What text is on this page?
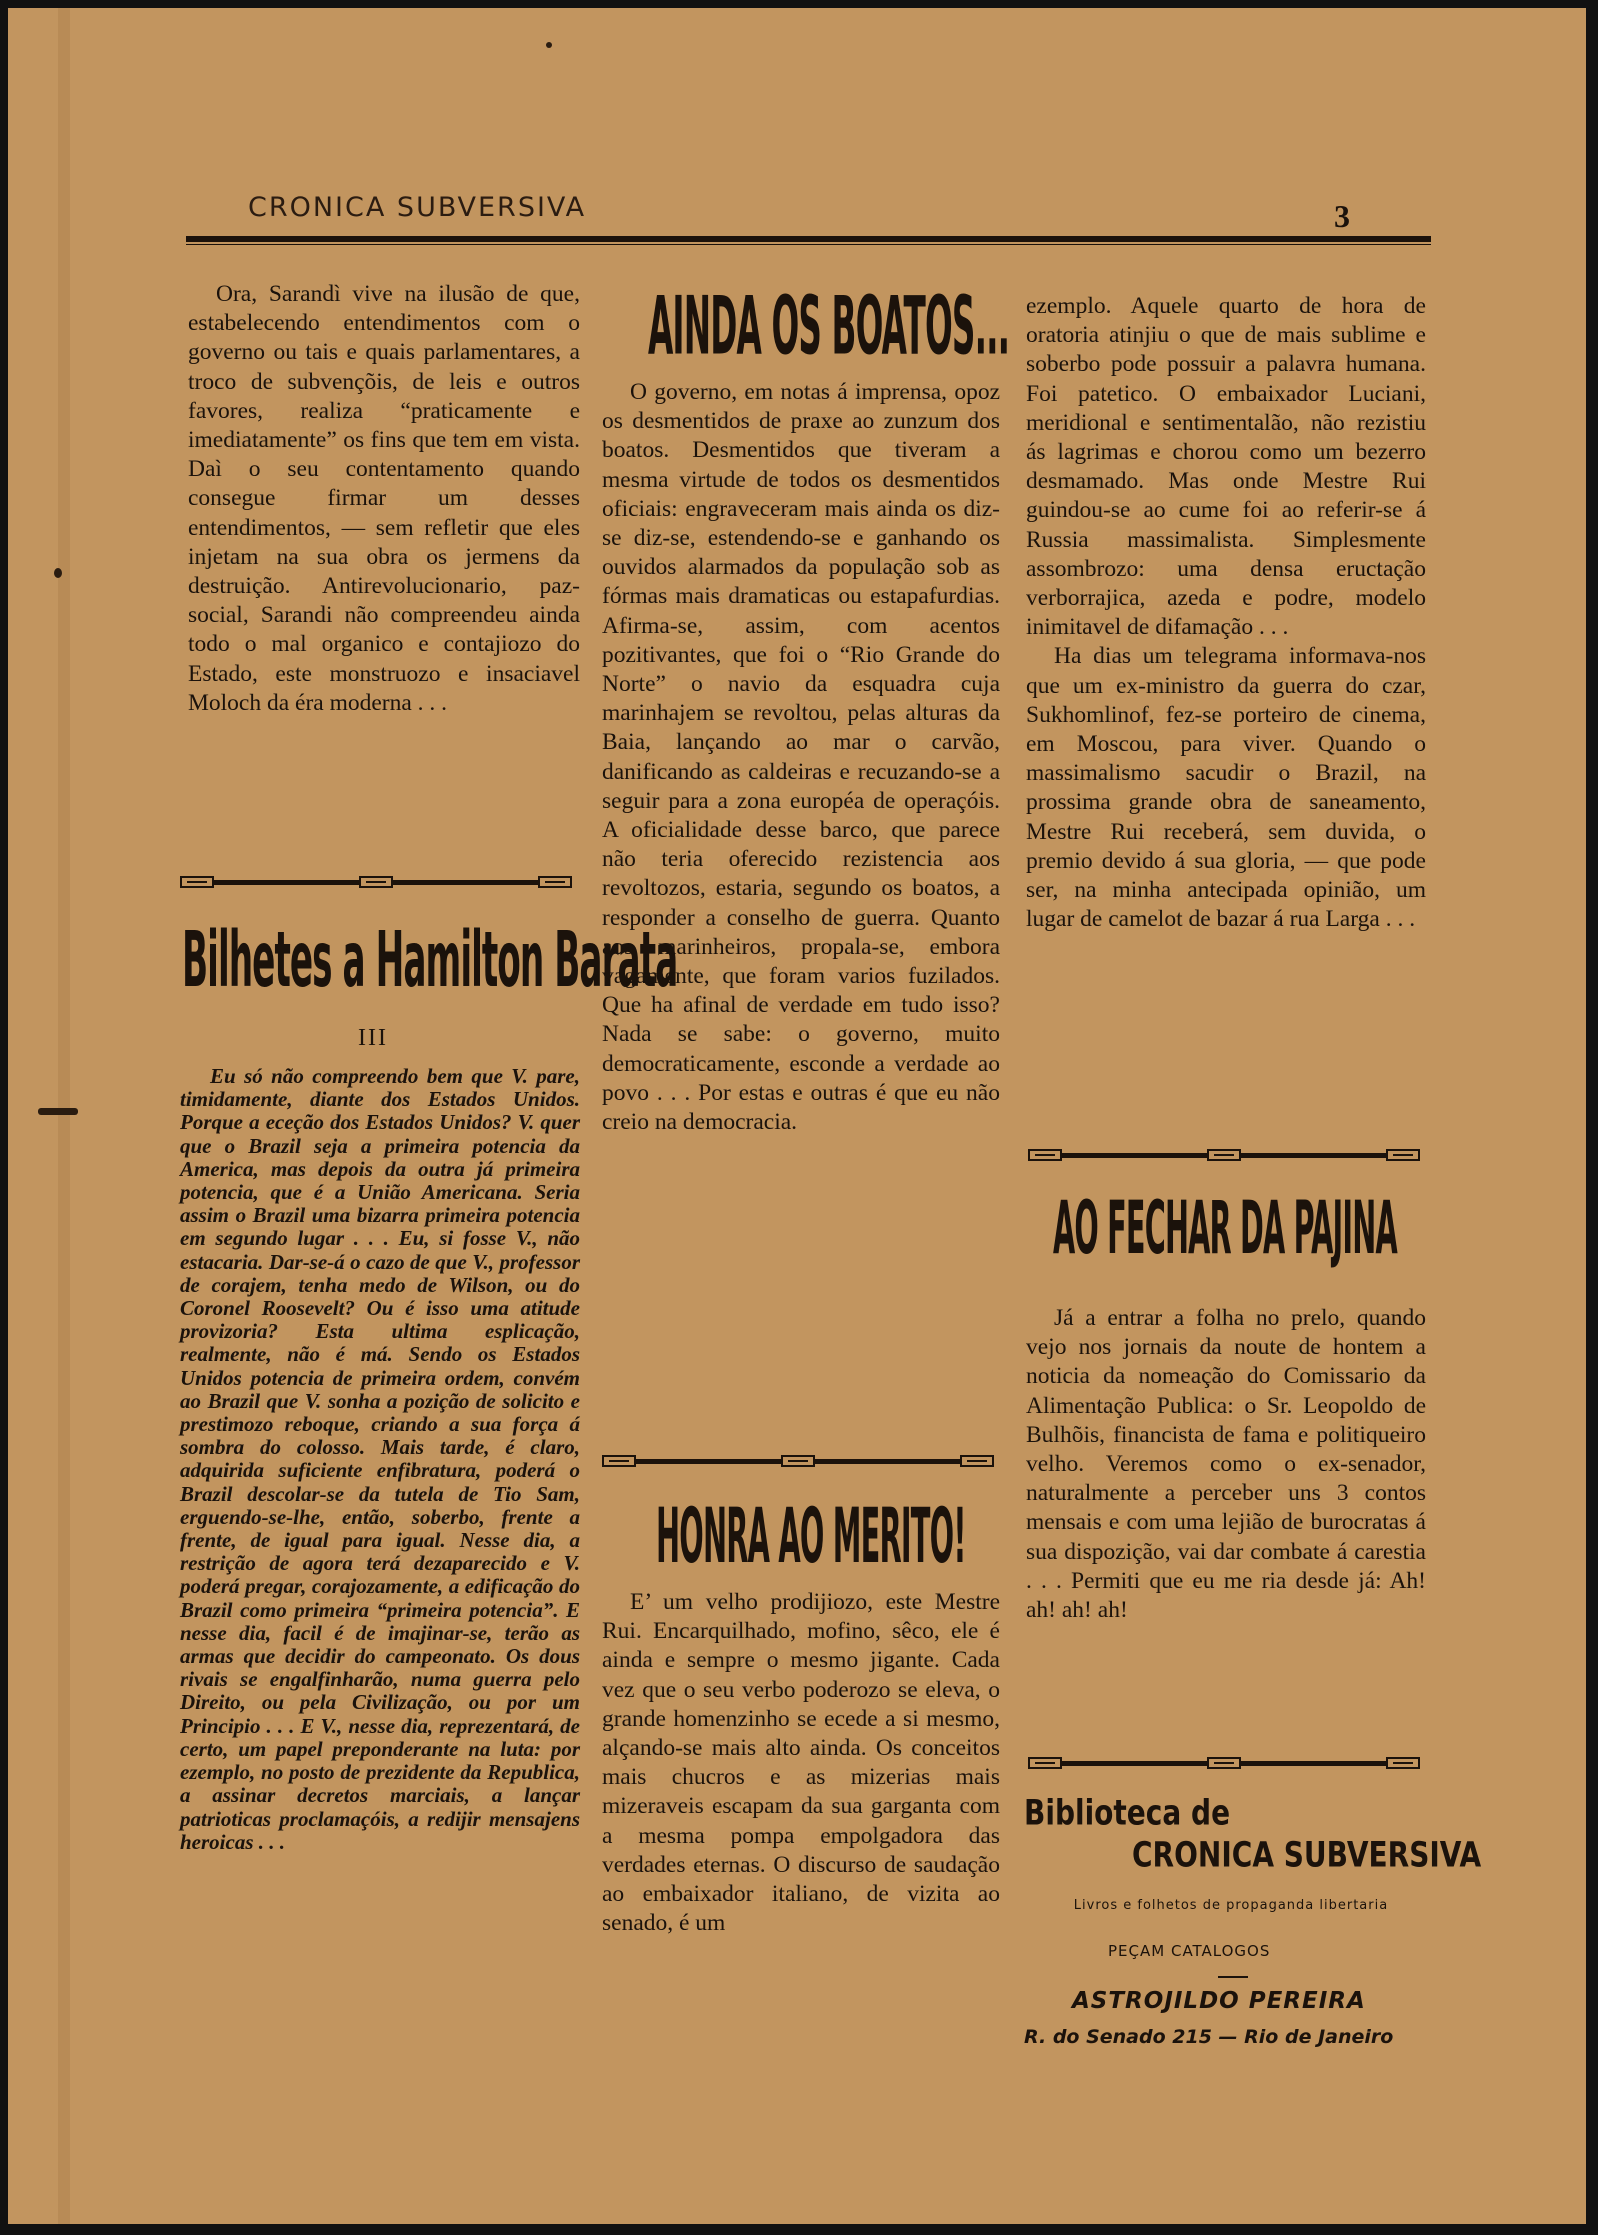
CRONICA SUBVERSIVA	3

Ora, Sarandì vive na ilusão de que, estabelecendo entendimentos com o governo ou tais e quais parlamentares, a troco de subvençõis, de leis e outros favores, realiza “praticamente e imediatamente” os fins que tem em vista. Daì o seu contentamento quando consegue firmar um desses entendimentos, — sem refletir que eles injetam na sua obra os jermens da destruição. Antirevolucionario, paz-social, Sarandi não compreendeu ainda todo o mal organico e contajiozo do Estado, este monstruozo e insaciavel Moloch da éra moderna . . .

Bilhetes a Hamilton Barata
III

Eu só não compreendo bem que V. pare, timidamente, diante dos Estados Unidos. Porque a eceção dos Estados Unidos? V. quer que o Brazil seja a primeira potencia da America, mas depois da outra já primeira potencia, que é a União Americana. Seria assim o Brazil uma bizarra primeira potencia em segundo lugar . . . Eu, si fosse V., não estacaria. Dar-se-á o cazo de que V., professor de corajem, tenha medo de Wilson, ou do Coronel Roosevelt? Ou é isso uma atitude provizoria? Esta ultima esplicação, realmente, não é má. Sendo os Estados Unidos potencia de primeira ordem, convém ao Brazil que V. sonha a pozição de solicito e prestimozo reboque, criando a sua força á sombra do colosso. Mais tarde, é claro, adquirida suficiente enfibratura, poderá o Brazil descolar-se da tutela de Tio Sam, erguendo-se-lhe, então, soberbo, frente a frente, de igual para igual. Nesse dia, a restrição de agora terá dezaparecido e V. poderá pregar, corajozamente, a edificação do Brazil como primeira “primeira potencia”. E nesse dia, facil é de imajinar-se, terão as armas que decidir do campeonato. Os dous rivais se engalfinharão, numa guerra pelo Direito, ou pela Civilização, ou por um Principio . . . E V., nesse dia, reprezentará, de certo, um papel preponderante na luta: por ezemplo, no posto de prezidente da Republica, a assinar decretos marciais, a lançar patrioticas proclamaçóis, a redijir mensajens heroicas . . .

AINDA OS BOATOS...

O governo, em notas á imprensa, opoz os desmentidos de praxe ao zunzum dos boatos. Desmentidos que tiveram a mesma virtude de todos os desmentidos oficiais: engraveceram mais ainda os diz-se diz-se, estendendo-se e ganhando os ouvidos alarmados da população sob as fórmas mais dramaticas ou estapafurdias. Afirma-se, assim, com acentos pozitivantes, que foi o “Rio Grande do Norte” o navio da esquadra cuja marinhajem se revoltou, pelas alturas da Baia, lançando ao mar o carvão, danificando as caldeiras e recuzando-se a seguir para a zona européa de operaçóis. A oficialidade desse barco, que parece não teria oferecido rezistencia aos revoltozos, estaria, segundo os boatos, a responder a conselho de guerra. Quanto aos marinheiros, propala-se, embora vagamente, que foram varios fuzilados. Que ha afinal de verdade em tudo isso? Nada se sabe: o governo, muito democraticamente, esconde a verdade ao povo . . . Por estas e outras é que eu não creio na democracia.

HONRA AO MERITO!

E’ um velho prodijiozo, este Mestre Rui. Encarquilhado, mofino, sêco, ele é ainda e sempre o mesmo jigante. Cada vez que o seu verbo poderozo se eleva, o grande homenzinho se ecede a si mesmo, alçando-se mais alto ainda. Os conceitos mais chucros e as mizerias mais mizeraveis escapam da sua garganta com a mesma pompa empolgadora das verdades eternas. O discurso de saudação ao embaixador italiano, de vizita ao senado, é um

ezemplo. Aquele quarto de hora de oratoria atinjiu o que de mais sublime e soberbo pode possuir a palavra humana. Foi patetico. O embaixador Luciani, meridional e sentimentalão, não rezistiu ás lagrimas e chorou como um bezerro desmamado. Mas onde Mestre Rui guindou-se ao cume foi ao referir-se á Russia massimalista. Simplesmente assombrozo: uma densa eructação verborrajica, azeda e podre, modelo inimitavel de difamação . . .

Ha dias um telegrama informava-nos que um ex-ministro da guerra do czar, Sukhomlinof, fez-se porteiro de cinema, em Moscou, para viver. Quando o massimalismo sacudir o Brazil, na prossima grande obra de saneamento, Mestre Rui receberá, sem duvida, o premio devido á sua gloria, — que pode ser, na minha antecipada opinião, um lugar de camelot de bazar á rua Larga . . .

AO FECHAR DA PAJINA

Já a entrar a folha no prelo, quando vejo nos jornais da noute de hontem a noticia da nomeação do Comissario da Alimentação Publica: o Sr. Leopoldo de Bulhõis, financista de fama e politiqueiro velho. Veremos como o ex-senador, naturalmente a perceber uns 3 contos mensais e com uma lejião de burocratas á sua dispozição, vai dar combate á carestia . . . Permiti que eu me ria desde já: Ah! ah! ah! ah!

Biblioteca de
CRONICA SUBVERSIVA
Livros e folhetos de propaganda libertaria
PEÇAM CATALOGOS
ASTROJILDO PEREIRA
R. do Senado 215 — Rio de Janeiro
